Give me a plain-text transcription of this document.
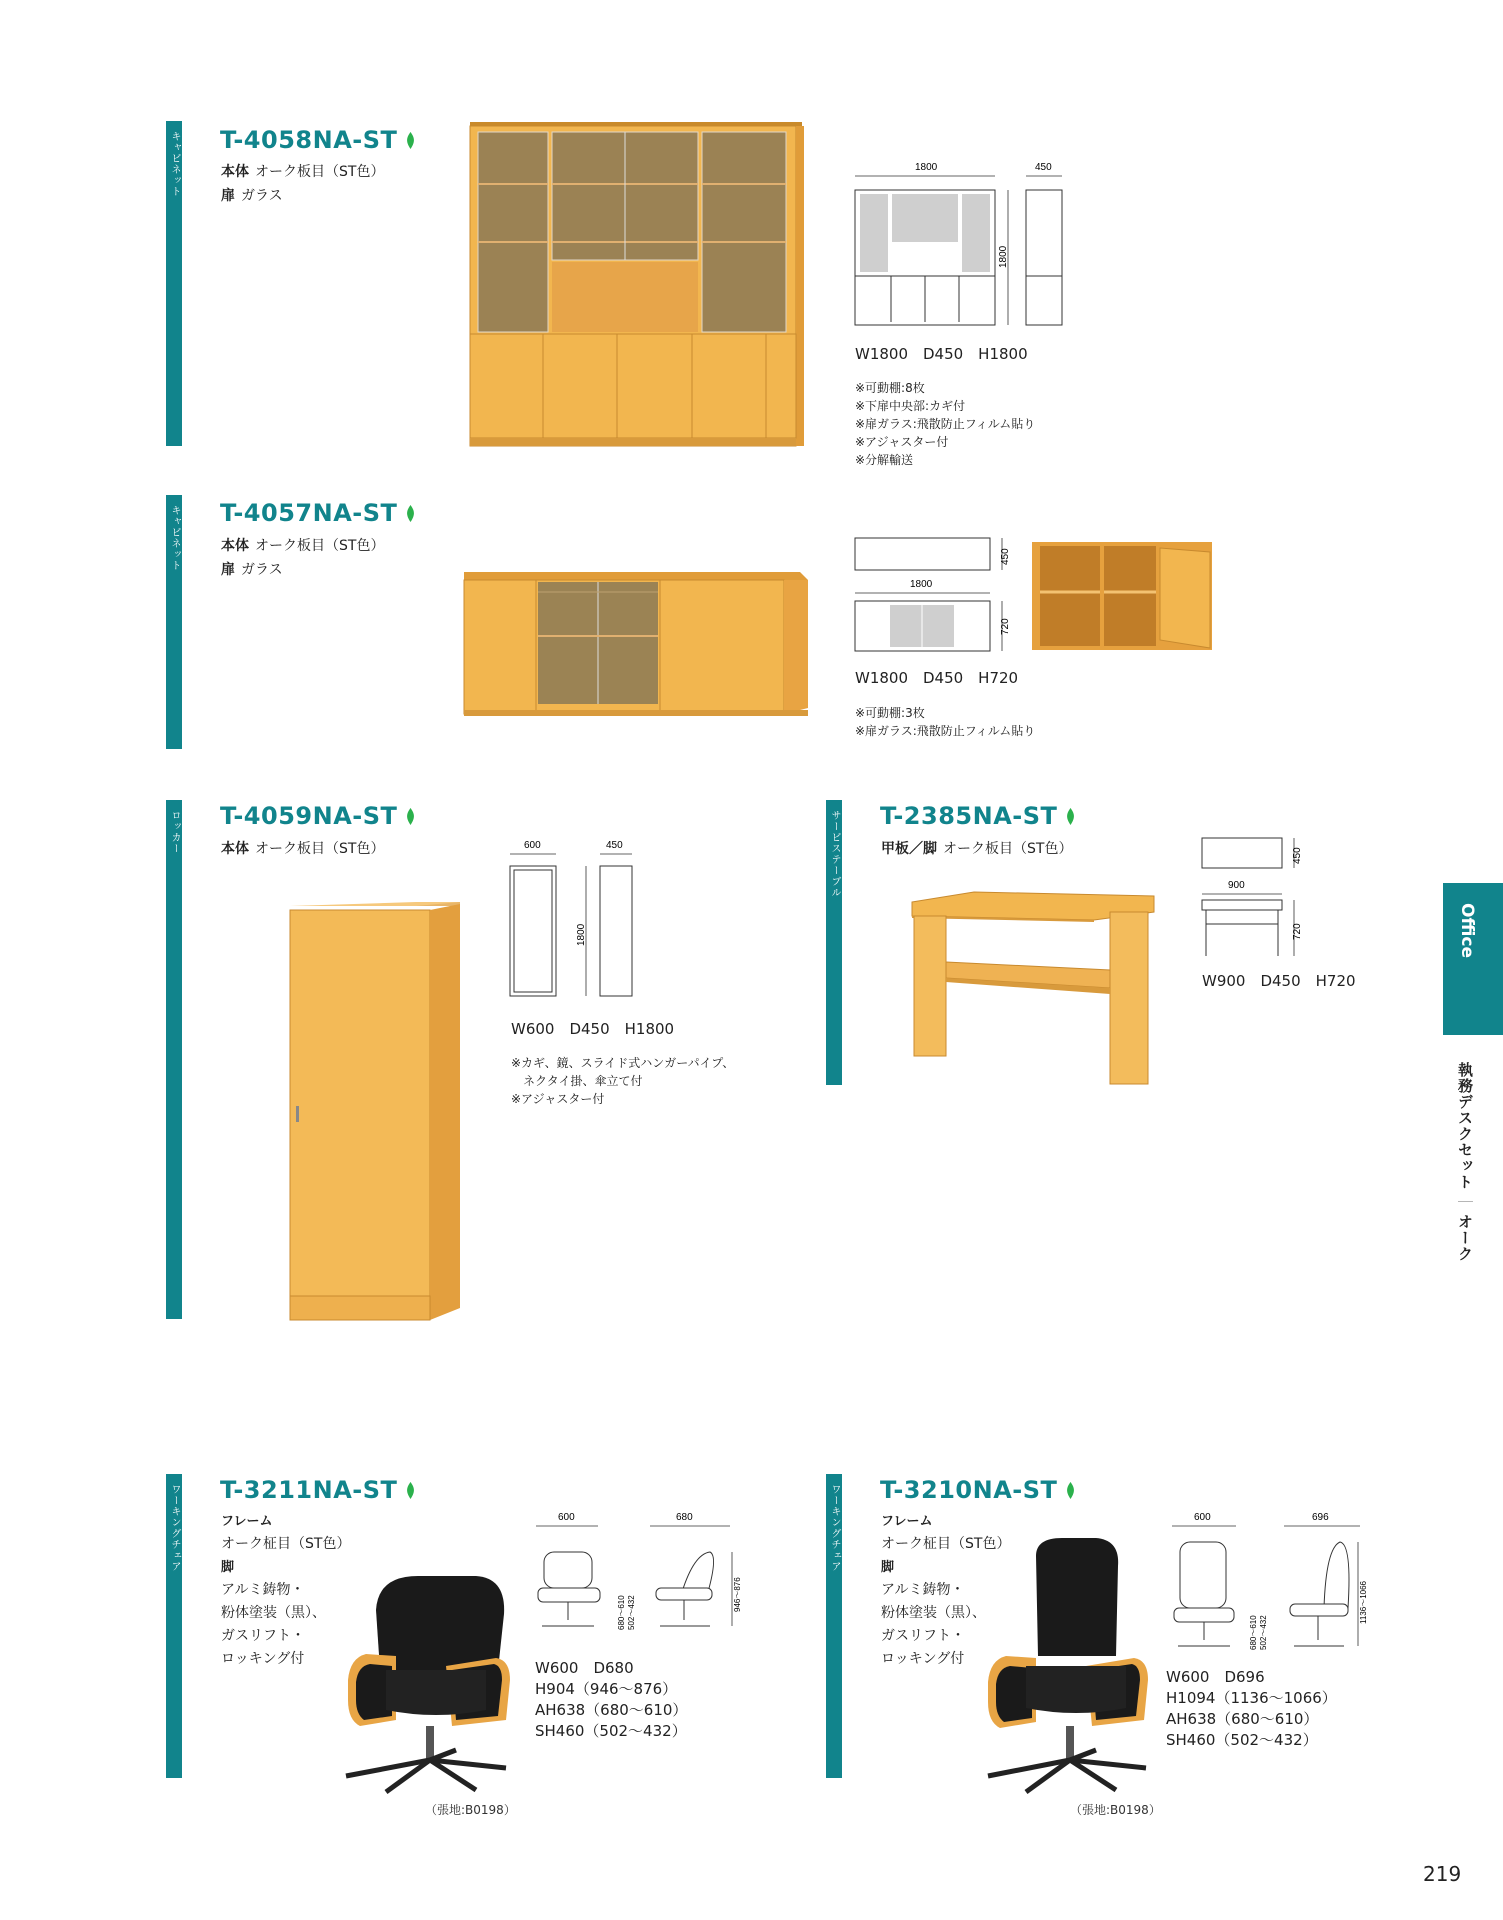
Office
執務デスクセット
｜
オーク
キャビネット T-4058NA-ST
本体 オーク板目（ST色）
扉 ガラス
1800	450
1800
W1800　D450　H1800
※可動棚:8枚
※下扉中央部:カギ付
※扉ガラス:飛散防止フィルム貼り
※アジャスター付
※分解輸送
キャビネット T-4057NA-ST
本体 オーク板目（ST色）
扉 ガラス
450
1800
720
W1800　D450　H720
※可動棚:3枚
※扉ガラス:飛散防止フィルム貼り
ロッカー T-4059NA-ST
本体 オーク板目（ST色）	600	450
1800
W600　D450　H1800
※カギ、鏡、スライド式ハンガーパイプ、
　ネクタイ掛、傘立て付
※アジャスター付
サービステーブル T-2385NA-ST
甲板／脚 オーク板目（ST色）	450
900
720
W900　D450　H720
ワーキングチェア T-3211NA-ST
フレーム
オーク柾目（ST色）
脚
アルミ鋳物・
粉体塗装（黒）、
ガスリフト・
ロッキング付
（張地:B0198）
600	680
680～610 502～432
946～876
W600　D680
H904（946～876）
AH638（680～610）
SH460（502～432）
ワーキングチェア T-3210NA-ST
フレーム
オーク柾目（ST色）
脚
アルミ鋳物・
粉体塗装（黒）、
ガスリフト・
ロッキング付
（張地:B0198）
600	696
680～610 502～432
1136～1066
W600　D696
H1094（1136～1066）
AH638（680～610）
SH460（502～432）
219
